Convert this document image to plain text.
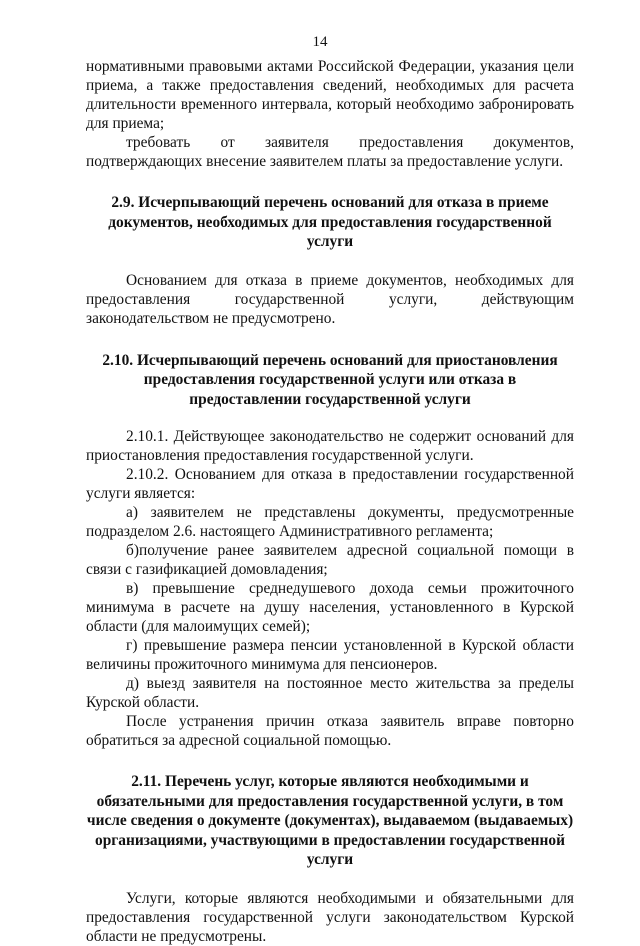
14

нормативными правовыми актами Российской Федерации, указания цели приема, а также предоставления сведений, необходимых для расчета длительности временного интервала, который необходимо забронировать для приема;

требовать от заявителя предоставления документов, подтверждающих внесение заявителем платы за предоставление услуги.

2.9. Исчерпывающий перечень оснований для отказа в приеме документов, необходимых для предоставления государственной услуги

Основанием для отказа в приеме документов, необходимых для предоставления государственной услуги, действующим законодательством не предусмотрено.

2.10. Исчерпывающий перечень оснований для приостановления предоставления государственной услуги или отказа в предоставлении государственной услуги

2.10.1. Действующее законодательство не содержит оснований для приостановления предоставления государственной услуги.

2.10.2. Основанием для отказа в предоставлении государственной услуги является:

а) заявителем не представлены документы, предусмотренные подразделом 2.6. настоящего Административного регламента;

б)получение ранее заявителем адресной социальной помощи в связи с газификацией домовладения;

в) превышение среднедушевого дохода семьи прожиточного минимума в расчете на душу населения, установленного в Курской области (для малоимущих семей);

г) превышение размера пенсии установленной в Курской области величины прожиточного минимума для пенсионеров.

д) выезд заявителя на постоянное место жительства за пределы Курской области.

После устранения причин отказа заявитель вправе повторно обратиться за адресной социальной помощью.

2.11. Перечень услуг, которые являются необходимыми и обязательными для предоставления государственной услуги, в том числе сведения о документе (документах), выдаваемом (выдаваемых) организациями, участвующими в предоставлении государственной услуги

Услуги, которые являются необходимыми и обязательными для предоставления государственной услуги законодательством Курской области не предусмотрены.
